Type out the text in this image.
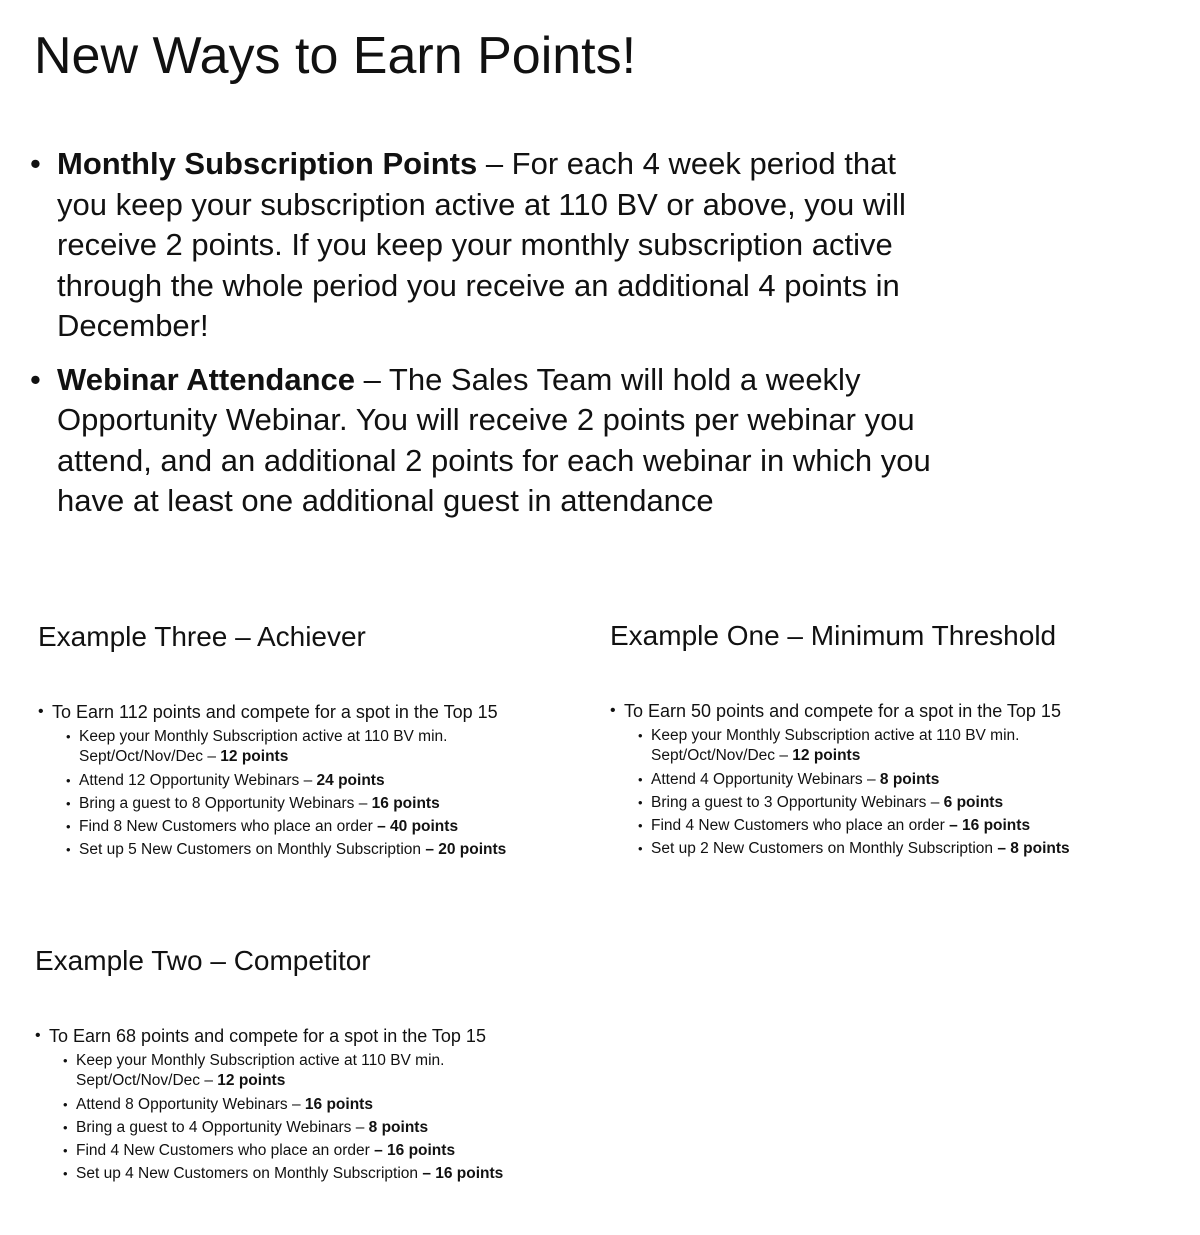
New Ways to Earn Points!
• Monthly Subscription Points – For each 4 week period that you keep your subscription active at 110 BV or above, you will receive 2 points. If you keep your monthly subscription active through the whole period you receive an additional 4 points in December!
• Webinar Attendance – The Sales Team will hold a weekly Opportunity Webinar. You will receive 2 points per webinar you attend, and an additional 2 points for each webinar in which you have at least one additional guest in attendance
Example Three – Achiever

• To Earn 112 points and compete for a spot in the Top 15

• Keep your Monthly Subscription active at 110 BV min.
Sept/Oct/Nov/Dec – 12 points
• Attend 12 Opportunity Webinars – 24 points
• Bring a guest to 8 Opportunity Webinars – 16 points
• Find 8 New Customers who place an order – 40 points
• Set up 5 New Customers on Monthly Subscription – 20 points
Example One – Minimum Threshold

• To Earn 50 points and compete for a spot in the Top 15

• Keep your Monthly Subscription active at 110 BV min.
Sept/Oct/Nov/Dec – 12 points
• Attend 4 Opportunity Webinars – 8 points
• Bring a guest to 3 Opportunity Webinars – 6 points
• Find 4 New Customers who place an order – 16 points
• Set up 2 New Customers on Monthly Subscription – 8 points
Example Two – Competitor

• To Earn 68 points and compete for a spot in the Top 15

• Keep your Monthly Subscription active at 110 BV min.
Sept/Oct/Nov/Dec – 12 points
• Attend 8 Opportunity Webinars – 16 points
• Bring a guest to 4 Opportunity Webinars – 8 points
• Find 4 New Customers who place an order – 16 points
• Set up 4 New Customers on Monthly Subscription – 16 points
